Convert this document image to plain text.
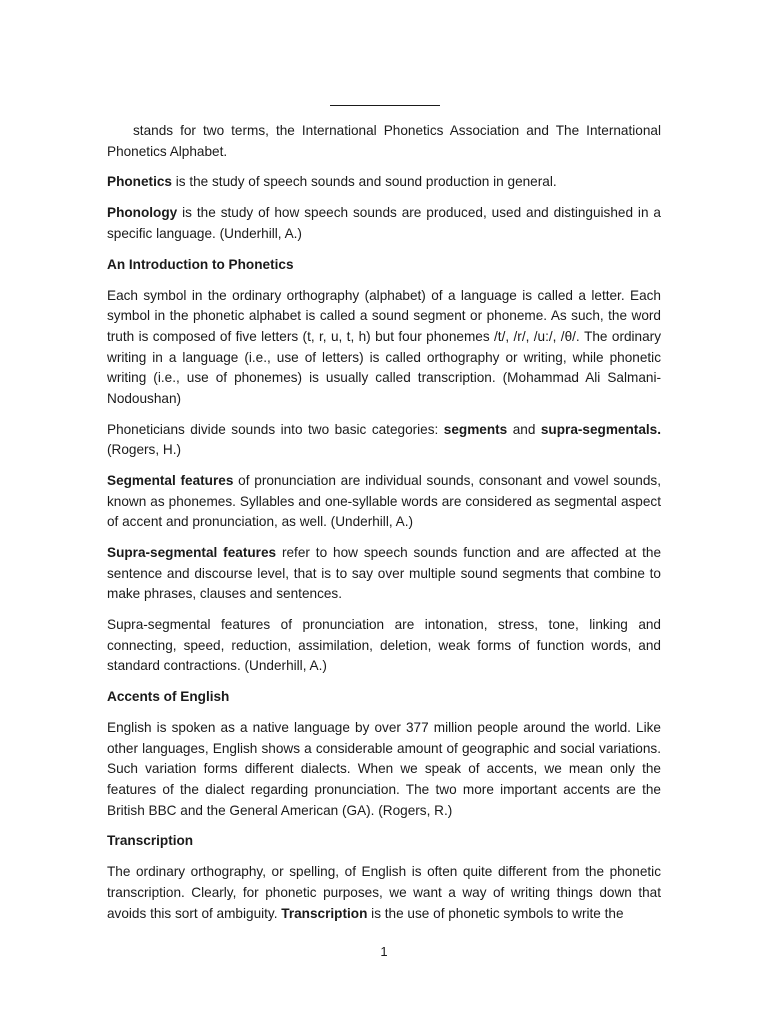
stands for two terms, the International Phonetics Association and The International Phonetics Alphabet.

Phonetics is the study of speech sounds and sound production in general.

Phonology is the study of how speech sounds are produced, used and distinguished in a specific language. (Underhill, A.)

An Introduction to Phonetics

Each symbol in the ordinary orthography (alphabet) of a language is called a letter. Each symbol in the phonetic alphabet is called a sound segment or phoneme. As such, the word truth is composed of five letters (t, r, u, t, h) but four phonemes /t/, /r/, /u:/, /θ/. The ordinary writing in a language (i.e., use of letters) is called orthography or writing, while phonetic writing (i.e., use of phonemes) is usually called transcription. (Mohammad Ali Salmani-Nodoushan)

Phoneticians divide sounds into two basic categories: segments and supra-segmentals. (Rogers, H.)

Segmental features of pronunciation are individual sounds, consonant and vowel sounds, known as phonemes. Syllables and one-syllable words are considered as segmental aspect of accent and pronunciation, as well. (Underhill, A.)

Supra-segmental features refer to how speech sounds function and are affected at the sentence and discourse level, that is to say over multiple sound segments that combine to make phrases, clauses and sentences.

Supra-segmental features of pronunciation are intonation, stress, tone, linking and connecting, speed, reduction, assimilation, deletion, weak forms of function words, and standard contractions. (Underhill, A.)

Accents of English

English is spoken as a native language by over 377 million people around the world. Like other languages, English shows a considerable amount of geographic and social variations. Such variation forms different dialects. When we speak of accents, we mean only the features of the dialect regarding pronunciation. The two more important accents are the British BBC and the General American (GA). (Rogers, R.)

Transcription

The ordinary orthography, or spelling, of English is often quite different from the phonetic transcription. Clearly, for phonetic purposes, we want a way of writing things down that avoids this sort of ambiguity. Transcription is the use of phonetic symbols to write the

1
